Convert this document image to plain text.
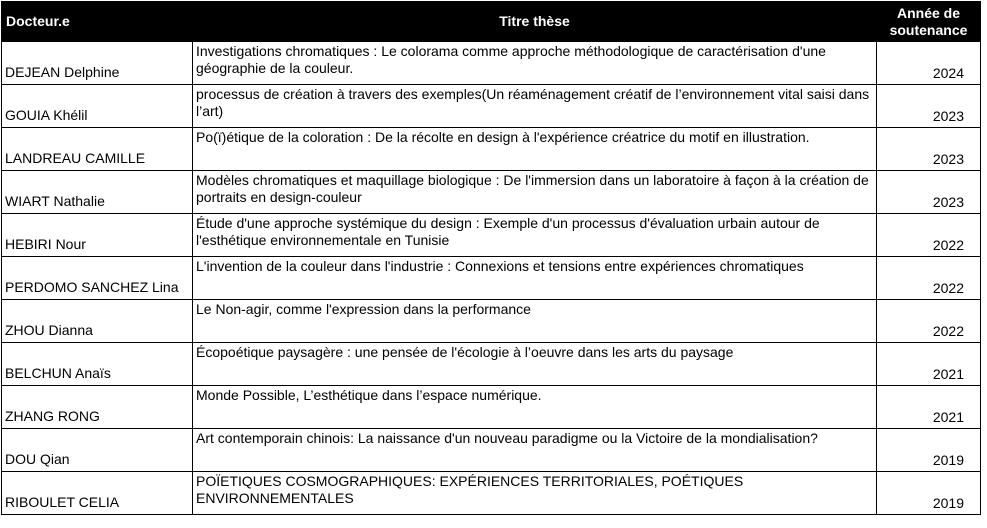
Docteur.e	Titre thèse	Année de
soutenance
DEJEAN Delphine	Investigations chromatiques : Le colorama comme approche méthodologique de caractérisation d'une géographie de la couleur.	2024
GOUIA Khélil	processus de création à travers des exemples(Un réaménagement créatif de l’environnement vital saisi dans l’art)	2023
LANDREAU CAMILLE	Po(ï)étique de la coloration : De la récolte en design à l'expérience créatrice du motif en illustration.	2023
WIART Nathalie	Modèles chromatiques et maquillage biologique : De l'immersion dans un laboratoire à façon à la création de portraits en design-couleur	2023
HEBIRI Nour	Étude d'une approche systémique du design : Exemple d'un processus d'évaluation urbain autour de l'esthétique environnementale en Tunisie	2022
PERDOMO SANCHEZ Lina	L'invention de la couleur dans l'industrie : Connexions et tensions entre expériences chromatiques	2022
ZHOU Dianna	Le Non-agir, comme l'expression dans la performance	2022
BELCHUN Anaïs	Écopoétique paysagère : une pensée de l'écologie à l’oeuvre dans les arts du paysage	2021
ZHANG RONG	Monde Possible, L’esthétique dans l’espace numérique.	2021
DOU Qian	Art contemporain chinois: La naissance d'un nouveau paradigme ou la Victoire de la mondialisation?	2019
RIBOULET CELIA	POÏETIQUES COSMOGRAPHIQUES: EXPÉRIENCES TERRITORIALES, POÉTIQUES ENVIRONNEMENTALES	2019
